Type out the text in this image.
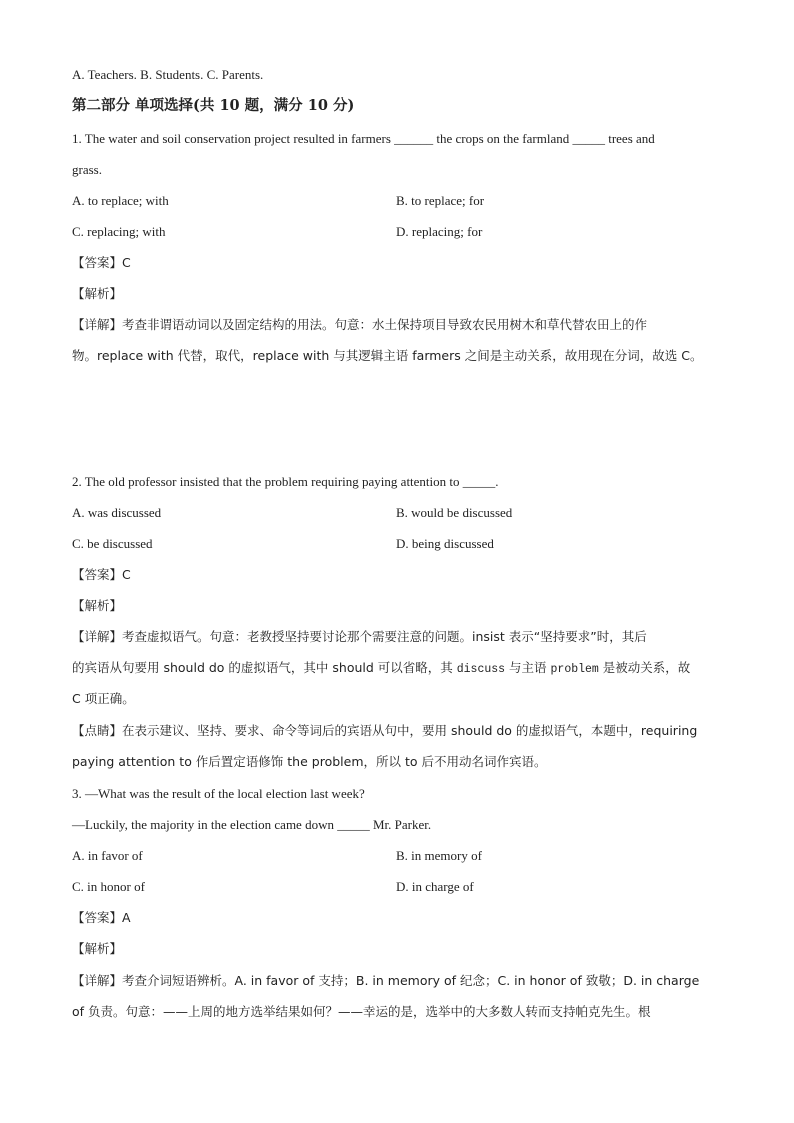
A. Teachers. B. Students. C. Parents.
第二部分 单项选择(共 10 题，满分 10 分)
1. The water and soil conservation project resulted in farmers ______ the crops on the farmland _____ trees and
grass.
A. to replace; with	B. to replace; for
C. replacing; with	D. replacing; for
【答案】C
【解析】
【详解】考查非谓语动词以及固定结构的用法。句意：水土保持项目导致农民用树木和草代替农田上的作
物。replace with 代替，取代，replace with 与其逻辑主语 farmers 之间是主动关系，故用现在分词，故选 C。
2. The old professor insisted that the problem requiring paying attention to _____.
A. was discussed	B. would be discussed
C. be discussed	D. being discussed
【答案】C
【解析】
【详解】考查虚拟语气。句意：老教授坚持要讨论那个需要注意的问题。insist 表示“坚持要求”时，其后
的宾语从句要用 should do 的虚拟语气，其中 should 可以省略，其 discuss 与主语 problem 是被动关系，故
C 项正确。
【点睛】在表示建议、坚持、要求、命令等词后的宾语从句中，要用 should do 的虚拟语气，本题中，requiring
paying attention to 作后置定语修饰 the problem，所以 to 后不用动名词作宾语。
3. —What was the result of the local election last week?
—Luckily, the majority in the election came down _____ Mr. Parker.
A. in favor of	B. in memory of
C. in honor of	D. in charge of
【答案】A
【解析】
【详解】考查介词短语辨析。A. in favor of 支持；B. in memory of 纪念；C. in honor of 致敬；D. in charge
of 负责。句意：——上周的地方选举结果如何？——幸运的是，选举中的大多数人转而支持帕克先生。根
